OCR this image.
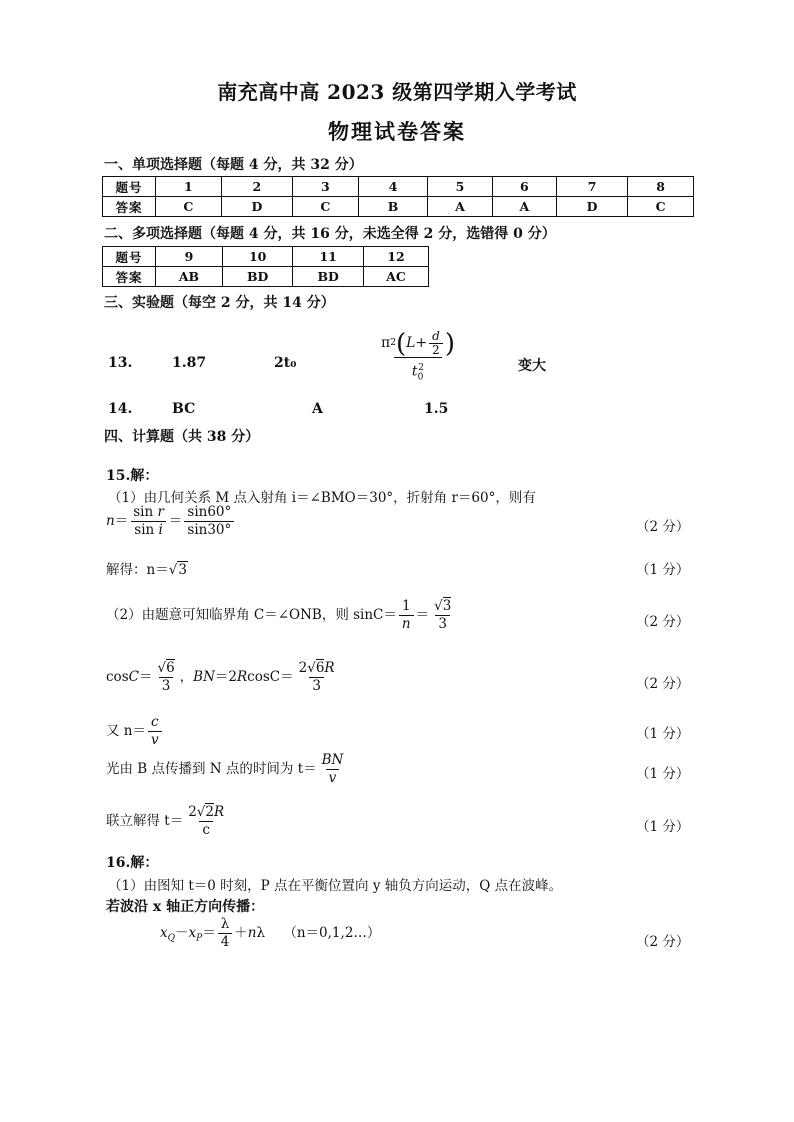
南充高中高 2023 级第四学期入学考试
物理试卷答案
一、单项选择题（每题 4 分，共 32 分）
题号	1	2	3	4	5	6	7	8
答案	C	D	C	B	A	A	D	C
二、多项选择题（每题 4 分，共 16 分，未选全得 2 分，选错得 0 分）
题号	9	10	11	12
答案	AB	BD	BD	AC
三、实验题（每空 2 分，共 14 分）
13.	1.87	2t₀	$\frac{\pi 2 ( L + \frac{d}{2} )}{t_0^2}$	变大
14.	BC	A	1.5
四、计算题（共 38 分）
15.解：
（1）由几何关系 M 点入射角 i＝∠BMO＝30°，折射角 r＝60°，则有
$n= \frac{\text{sin r}}{\text{sin i}} = \frac{\sin 60^\circ}{\sin 30^\circ}$	（2 分）
解得：n＝√3	（1 分）
（2）由题意可知临界角 C＝∠ONB，则 $\sin C= \frac{1}{n} = \frac{√3}{3}$	（2 分）
$\cos C= \frac{√6}{3}$ ，$BN=2RcosC= \frac{2√6R}{3}$	（2 分）
又 $n= \frac{c}{v}$	（1 分）
光由 B 点传播到 N 点的时间为 $t= \frac{BN}{v}$	（1 分）
联立解得 $t= \frac{2√2R}{c}$	（1 分）
16.解：
（1）由图知 t＝0 时刻，P 点在平衡位置向 y 轴负方向运动，Q 点在波峰。
若波沿 x 轴正方向传播：
$x_Q-x_P= \frac{\lambda}{4} +n\lambda$ （n＝0,1,2…）
（2 分）
